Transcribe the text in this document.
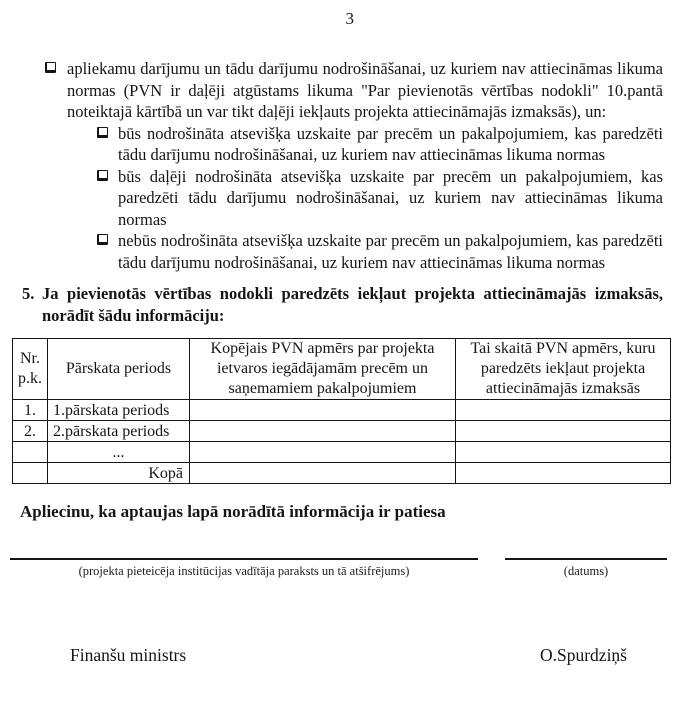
3
apliekamu darījumu un tādu darījumu nodrošināšanai, uz kuriem nav attiecināmas likuma normas (PVN ir daļēji atgūstams likuma "Par pievienotās vērtības nodokli" 10.pantā noteiktajā kārtībā un var tikt daļēji iekļauts projekta attiecināmajās izmaksās), un:
būs nodrošināta atsevišķa uzskaite par precēm un pakalpojumiem, kas paredzēti tādu darījumu nodrošināšanai, uz kuriem nav attiecināmas likuma normas
būs daļēji nodrošināta atsevišķa uzskaite par precēm un pakalpojumiem, kas paredzēti tādu darījumu nodrošināšanai, uz kuriem nav attiecināmas likuma normas
nebūs nodrošināta atsevišķa uzskaite par precēm un pakalpojumiem, kas paredzēti tādu darījumu nodrošināšanai, uz kuriem nav attiecināmas likuma normas
5. Ja pievienotās vērtības nodokli paredzēts iekļaut projekta attiecināmajās izmaksās, norādīt šādu informāciju:
Nr. p.k.	Pārskata periods	Kopējais PVN apmērs par projekta ietvaros iegādājamām precēm un saņemamiem pakalpojumiem	Tai skaitā PVN apmērs, kuru paredzēts iekļaut projekta attiecināmajās izmaksās
1.	1.pārskata periods		
2.	2.pārskata periods		
	...		
	Kopā		
Apliecinu, ka aptaujas lapā norādītā informācija ir patiesa
(projekta pieteicēja institūcijas vadītāja paraksts un tā atšifrējums)	(datums)
Finanšu ministrs	O.Spurdziņš
